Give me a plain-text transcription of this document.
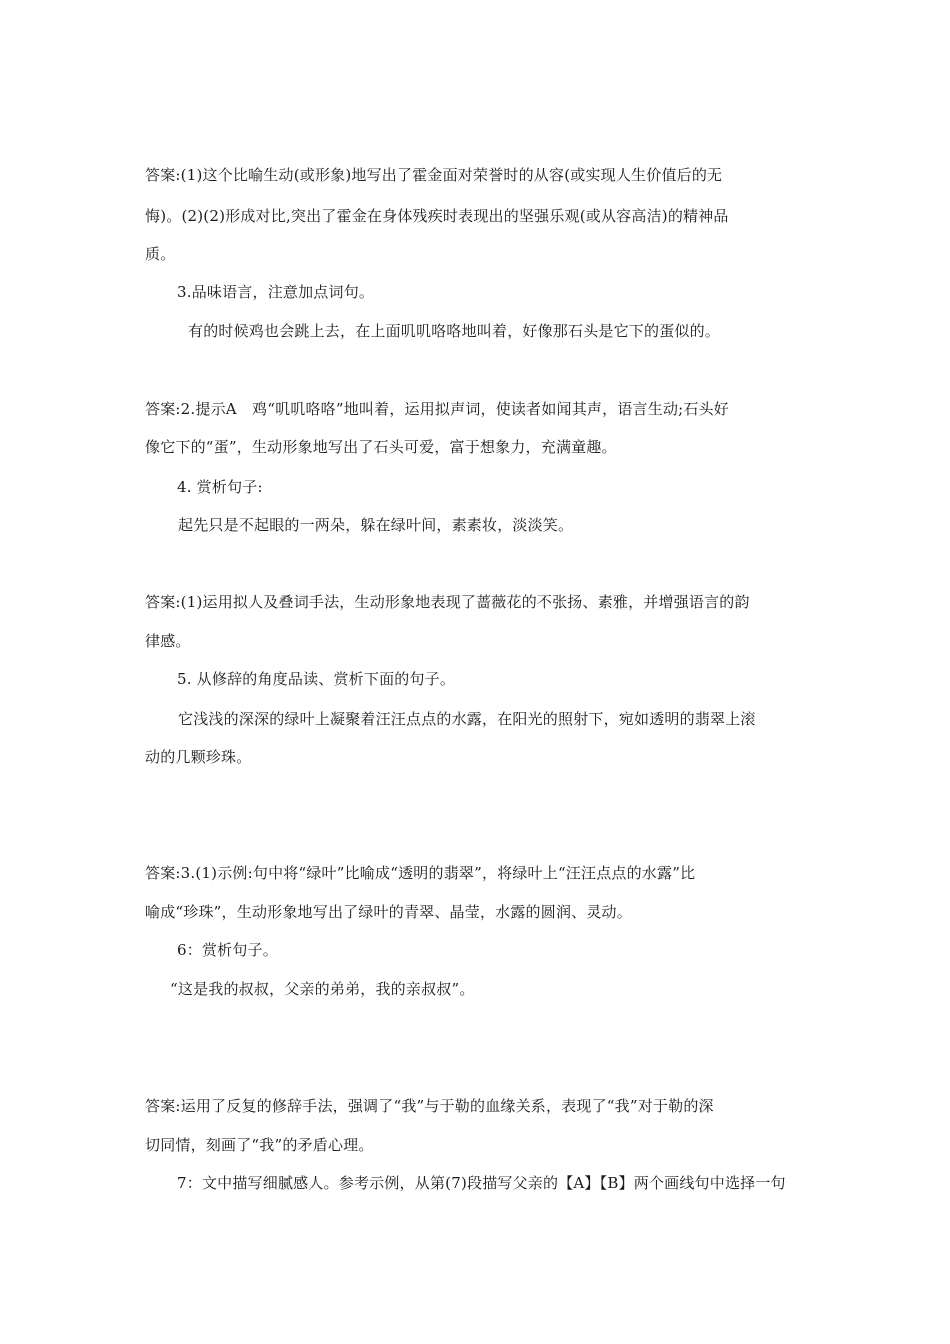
答案:(1)这个比喻生动(或形象)地写出了霍金面对荣誉时的从容(或实现人生价值后的无
悔)。(2)(2)形成对比,突出了霍金在身体残疾时表现出的坚强乐观(或从容高洁)的精神品
质。
3.品味语言，注意加点词句。
有的时候鸡也会跳上去，在上面叽叽咯咯地叫着，好像那石头是它下的蛋似的。
答案:2.提示A　鸡“叽叽咯咯”地叫着，运用拟声词，使读者如闻其声，语言生动;石头好
像它下的“蛋”，生动形象地写出了石头可爱，富于想象力，充满童趣。
4. 赏析句子:
起先只是不起眼的一两朵，躲在绿叶间，素素妆，淡淡笑。
答案:(1)运用拟人及叠词手法，生动形象地表现了蔷薇花的不张扬、素雅，并增强语言的韵
律感。
5. 从修辞的角度品读、赏析下面的句子。
它浅浅的深深的绿叶上凝聚着汪汪点点的水露，在阳光的照射下，宛如透明的翡翠上滚
动的几颗珍珠。
答案:3.(1)示例:句中将“绿叶”比喻成“透明的翡翠”，将绿叶上“汪汪点点的水露”比
喻成“珍珠”，生动形象地写出了绿叶的青翠、晶莹，水露的圆润、灵动。
6：赏析句子。
“这是我的叔叔，父亲的弟弟，我的亲叔叔”。
答案:运用了反复的修辞手法，强调了“我”与于勒的血缘关系，表现了“我”对于勒的深
切同情，刻画了“我”的矛盾心理。
7：文中描写细腻感人。参考示例，从第(7)段描写父亲的【A】【B】两个画线句中选择一句
